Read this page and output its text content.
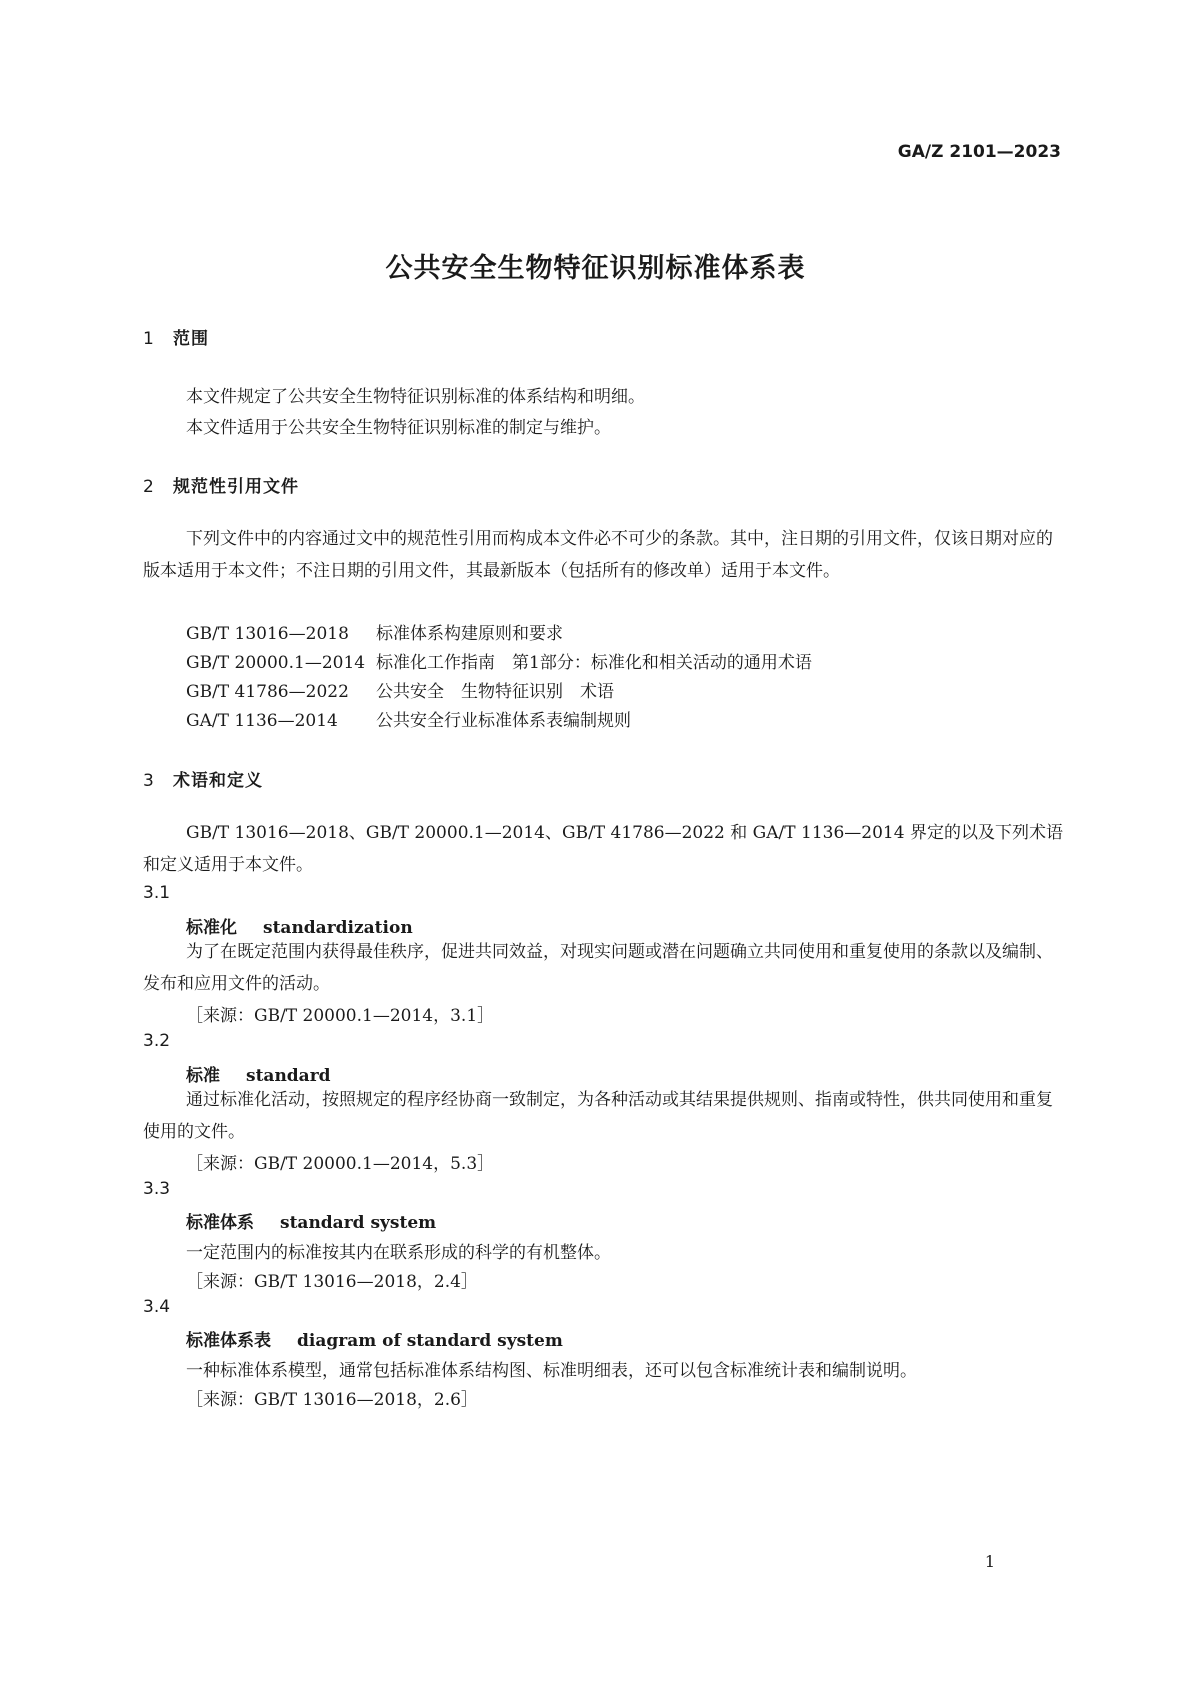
GA/Z 2101—2023
公共安全生物特征识别标准体系表
1 范围
本文件规定了公共安全生物特征识别标准的体系结构和明细。
本文件适用于公共安全生物特征识别标准的制定与维护。
2 规范性引用文件
下列文件中的内容通过文中的规范性引用而构成本文件必不可少的条款。其中，注日期的引用文件，仅该日期对应的版本适用于本文件；不注日期的引用文件，其最新版本（包括所有的修改单）适用于本文件。
GB/T 13016—2018 标准体系构建原则和要求
GB/T 20000.1—2014 标准化工作指南　第1部分：标准化和相关活动的通用术语
GB/T 41786—2022 公共安全　生物特征识别　术语
GA/T 1136—2014 公共安全行业标准体系表编制规则
3 术语和定义
GB/T 13016—2018、GB/T 20000.1—2014、GB/T 41786—2022 和 GA/T 1136—2014 界定的以及下列术语和定义适用于本文件。
3.1
标准化 standardization
为了在既定范围内获得最佳秩序，促进共同效益，对现实问题或潜在问题确立共同使用和重复使用的条款以及编制、发布和应用文件的活动。
［来源：GB/T 20000.1—2014，3.1］
3.2
标准 standard
通过标准化活动，按照规定的程序经协商一致制定，为各种活动或其结果提供规则、指南或特性，供共同使用和重复使用的文件。
［来源：GB/T 20000.1—2014，5.3］
3.3
标准体系 standard system
一定范围内的标准按其内在联系形成的科学的有机整体。
［来源：GB/T 13016—2018，2.4］
3.4
标准体系表 diagram of standard system
一种标准体系模型，通常包括标准体系结构图、标准明细表，还可以包含标准统计表和编制说明。
［来源：GB/T 13016—2018，2.6］
1
